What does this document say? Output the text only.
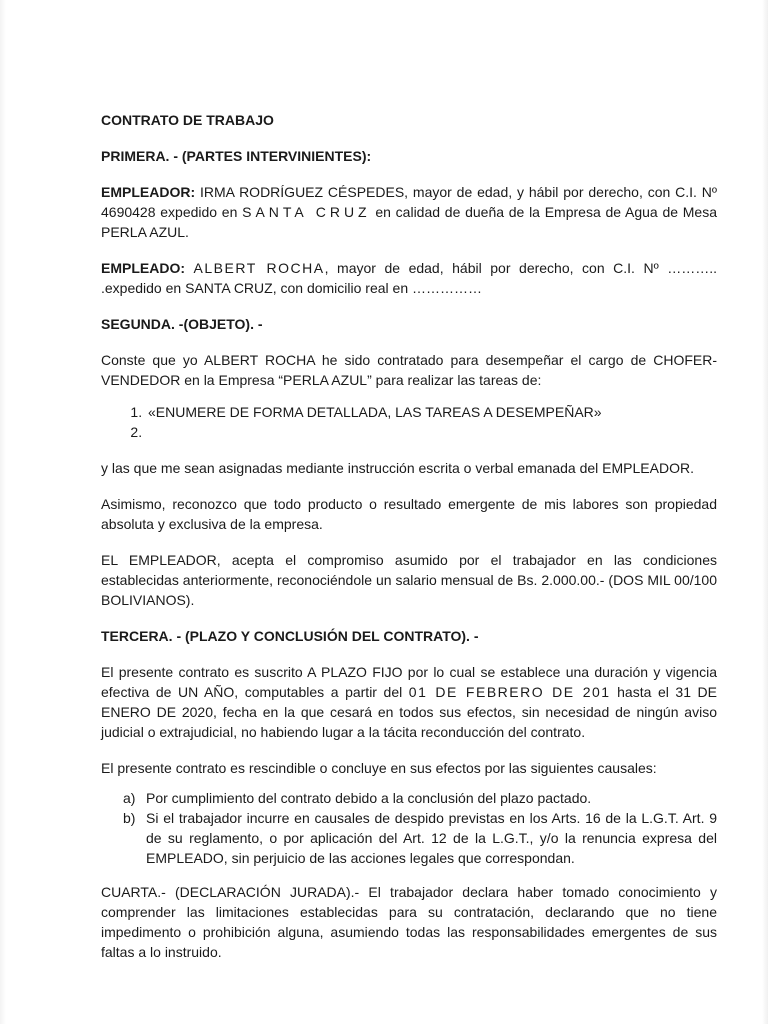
CONTRATO DE TRABAJO
PRIMERA. - (PARTES INTERVINIENTES):

EMPLEADOR: IRMA RODRÍGUEZ CÉSPEDES, mayor de edad, y hábil por derecho, con C.I. Nº 4690428 expedido en SANTA CRUZ en calidad de dueña de la Empresa de Agua de Mesa PERLA AZUL.

EMPLEADO: ALBERT ROCHA, mayor de edad, hábil por derecho, con C.I. Nº ……….. .expedido en SANTA CRUZ, con domicilio real en ……………

SEGUNDA. -(OBJETO). -

Conste que yo ALBERT ROCHA he sido contratado para desempeñar el cargo de CHOFER-VENDEDOR en la Empresa “PERLA AZUL” para realizar las tareas de:

1. «ENUMERE DE FORMA DETALLADA, LAS TAREAS A DESEMPEÑAR»
2.

y las que me sean asignadas mediante instrucción escrita o verbal emanada del EMPLEADOR.

Asimismo, reconozco que todo producto o resultado emergente de mis labores son propiedad absoluta y exclusiva de la empresa.

EL EMPLEADOR, acepta el compromiso asumido por el trabajador en las condiciones establecidas anteriormente, reconociéndole un salario mensual de Bs. 2.000.00.- (DOS MIL 00/100 BOLIVIANOS).

TERCERA. - (PLAZO Y CONCLUSIÓN DEL CONTRATO). -

El presente contrato es suscrito A PLAZO FIJO por lo cual se establece una duración y vigencia efectiva de UN AÑO, computables a partir del 01 DE FEBRERO DE 201 hasta el 31 DE ENERO DE 2020, fecha en la que cesará en todos sus efectos, sin necesidad de ningún aviso judicial o extrajudicial, no habiendo lugar a la tácita reconducción del contrato.

El presente contrato es rescindible o concluye en sus efectos por las siguientes causales:

a) Por cumplimiento del contrato debido a la conclusión del plazo pactado.
b) Si el trabajador incurre en causales de despido previstas en los Arts. 16 de la L.G.T. Art. 9 de su reglamento, o por aplicación del Art. 12 de la L.G.T., y/o la renuncia expresa del EMPLEADO, sin perjuicio de las acciones legales que correspondan.

CUARTA.- (DECLARACIÓN JURADA).- El trabajador declara haber tomado conocimiento y comprender las limitaciones establecidas para su contratación, declarando que no tiene impedimento o prohibición alguna, asumiendo todas las responsabilidades emergentes de sus faltas a lo instruido.
